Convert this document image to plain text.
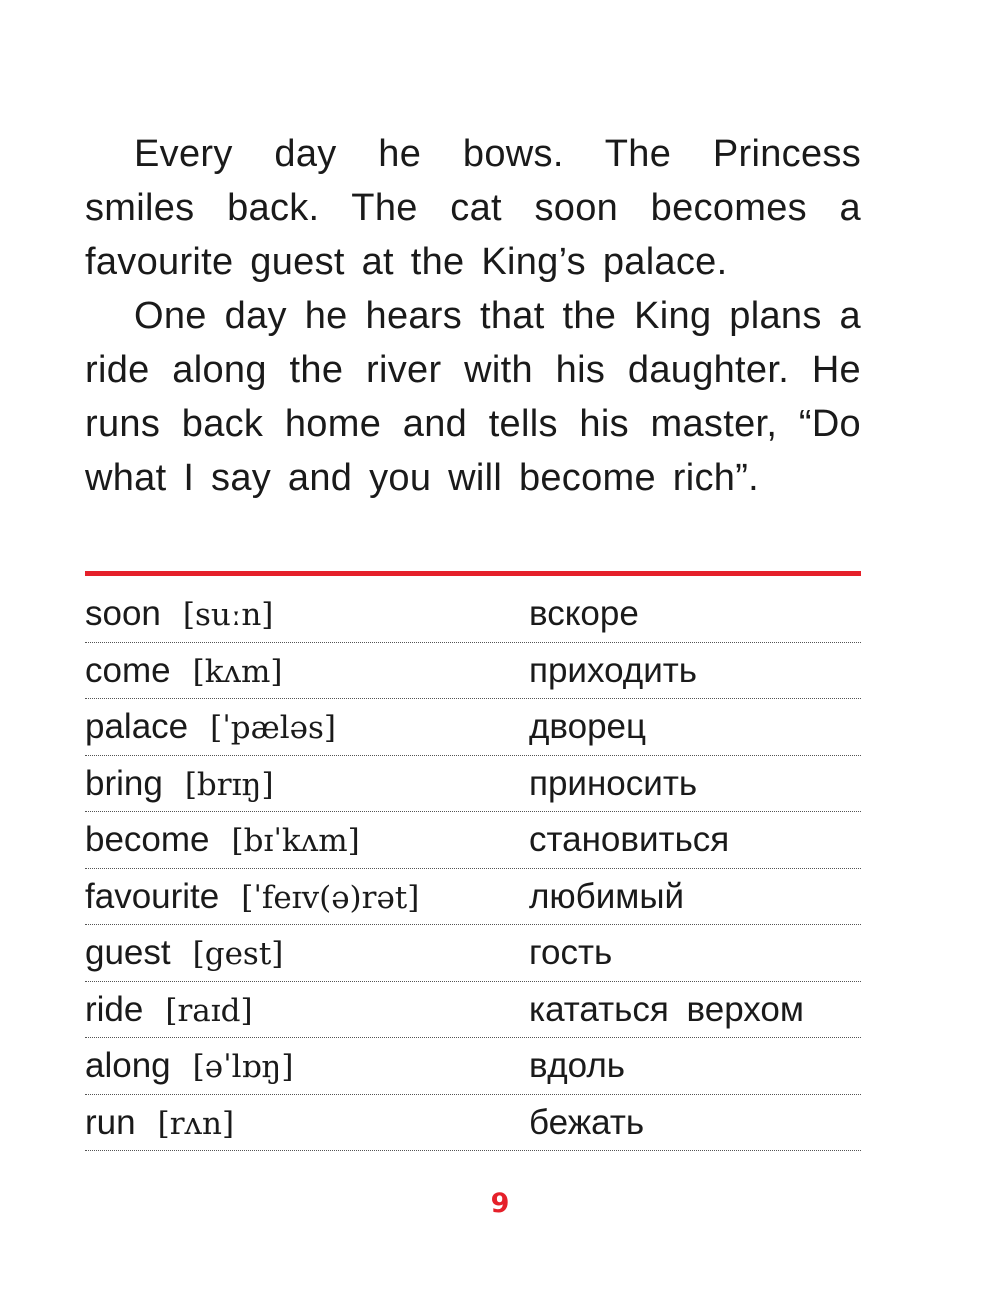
Every day he bows. The Princess smiles back. The cat soon becomes a favourite guest at the King’s palace.

One day he hears that the King plans a ride along the river with his daughter. He runs back home and tells his master, “Do what I say and you will become rich”.

soon [suːn]	вскоре
come [kʌm]	приходить
palace [ˈpæləs]	дворец
bring [brɪŋ]	приносить
become [bɪˈkʌm]	становиться
favourite [ˈfeɪv(ə)rət]	любимый
guest [gest]	гость
ride [raɪd]	кататься верхом
along [əˈlɒŋ]	вдоль
run [rʌn]	бежать
9
